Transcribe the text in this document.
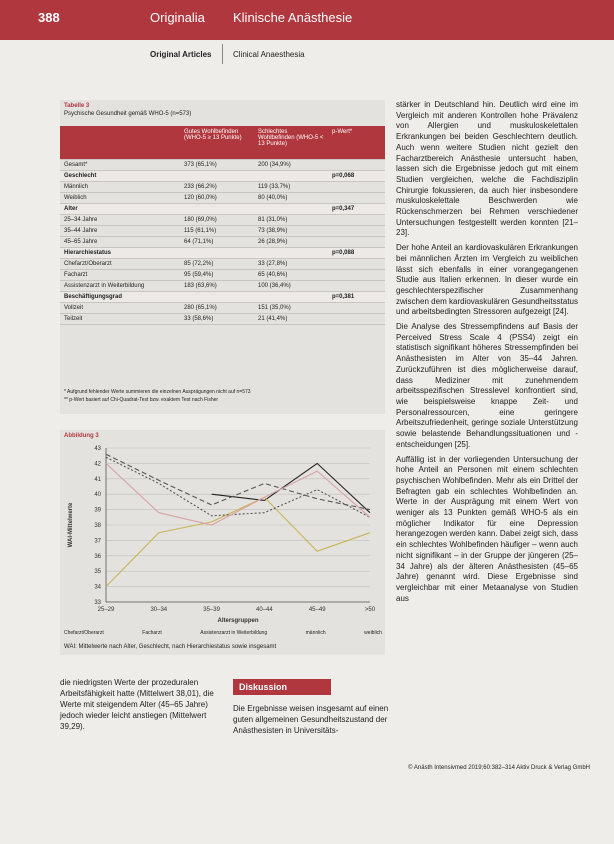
388	Originalia Klinische Anästhesie
Original Articles	Clinical Anaesthesia
Tabelle 3
Psychische Gesundheit gemäß WHO-5 (n=573)
	Gutes Wohlbefinden (WHO-5 ≥ 13 Punkte)	Schlechtes Wohlbefinden (WHO-5 < 13 Punkte)	p-Wert*
Gesamt*	373 (65,1%)	200 (34,9%)	
Geschlecht			p=0,068
Männlich	233 (66,2%)	119 (33,7%)	
Weiblich	120 (60,0%)	80 (40,0%)	
Alter			p=0,347
25–34 Jahre	180 (69,0%)	81 (31,0%)	
35–44 Jahre	115 (61,1%)	73 (38,9%)	
45–65 Jahre	64 (71,1%)	26 (28,9%)	
Hierarchiestatus			p=0,088
Chefarzt/Oberarzt	85 (72,2%)	33 (27,8%)	
Facharzt	95 (59,4%)	65 (40,6%)	
Assistenzarzt in Weiterbildung	183 (63,6%)	100 (36,4%)	
Beschäftigungsgrad			p=0,381
Vollzeit	280 (65,1%)	151 (35,0%)	
Teilzeit	33 (58,6%)	21 (41,4%)	
* Aufgrund fehlender Werte summieren die einzelnen Ausprägungen nicht auf n=573
** p-Wert basiert auf Chi-Quadrat-Test bzw. exaktem Test nach Fisher
Abbildung 3
33
34
35
36
37
38
39
40
41
42
43
25–29	30–34	35–39	40–44	45–49	>50
Altersgruppen
WAI-Mittelwerte
Chefarzt/Oberarzt	Facharzt	Assistenzarzt in Weiterbildung	männlich	weiblich
WAI: Mittelwerte nach Alter, Geschlecht, nach Hierarchiestatus sowie insgesamt

stärker in Deutschland hin. Deutlich wird eine im Vergleich mit anderen Kontrollen hohe Prävalenz von Allergien und muskuloskelettalen Erkrankungen bei beiden Geschlechtern deutlich. Auch wenn weitere Studien nicht gezielt den Facharztbereich Anästhesie untersucht haben, lassen sich die Ergebnisse jedoch gut mit einem Studien vergleichen, welche die Fachdisziplin Chirurgie fokussieren, da auch hier insbesondere muskuloskelettale Beschwerden wie Rückenschmerzen bei Rehmen verschiedener Untersuchungen festgestellt werden konnten [21–23].

Der hohe Anteil an kardiovaskulären Erkrankungen bei männlichen Ärzten im Vergleich zu weiblichen lässt sich ebenfalls in einer vorangegangenen Studie aus Italien erkennen. In dieser wurde ein geschlechterspezifischer Zusammenhang zwischen dem kardiovaskulären Gesundheitsstatus und arbeitsbedingten Stressoren aufgezeigt [24].

Die Analyse des Stressempfindens auf Basis der Perceived Stress Scale 4 (PSS4) zeigt ein statistisch signifikant höheres Stressempfinden bei Anästhesisten im Alter von 35–44 Jahren. Zurückzuführen ist dies möglicherweise darauf, dass Mediziner mit zunehmendem arbeitsspezifischen Stresslevel konfrontiert sind, wie beispielsweise knappe Zeit- und Personalressourcen, eine geringere Arbeitszufriedenheit, geringe soziale Unterstützung sowie belastende Behandlungssituationen und -entscheidungen [25].

Auffällig ist in der vorliegenden Untersuchung der hohe Anteil an Personen mit einem schlechten psychischen Wohlbefinden. Mehr als ein Drittel der Befragten gab ein schlechtes Wohlbefinden an. Werte in der Ausprägung mit einem Wert von weniger als 13 Punkten gemäß WHO-5 als ein möglicher Indikator für eine Depression herangezogen werden kann. Dabei zeigt sich, dass ein schlechtes Wohlbefinden häufiger – wenn auch nicht signifikant – in der Gruppe der jüngeren (25–34 Jahre) als der älteren Anästhesisten (45–65 Jahre) genannt wird. Diese Ergebnisse sind vergleichbar mit einer Metaanalyse von Studien aus

die niedrigsten Werte der prozeduralen Arbeitsfähigkeit hatte (Mittelwert 38,01), die Werte mit steigendem Alter (45–65 Jahre) jedoch wieder leicht anstiegen (Mittelwert 39,29).
Diskussion
Die Ergebnisse weisen insgesamt auf einen guten allgemeinen Gesundheitszustand der Anästhesisten in Universitäts-
© Anästh Intensivmed 2019;60:382–314 Aktiv Druck & Verlag GmbH
